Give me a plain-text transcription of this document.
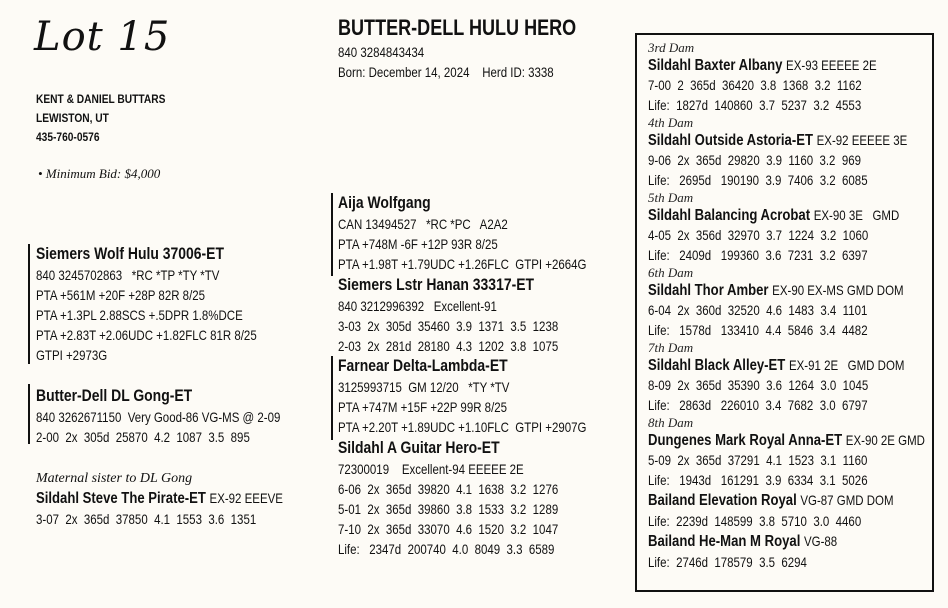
Lot 15
KENT & DANIEL BUTTARS
LEWISTON, UT
435-760-0576
• Minimum Bid: $4,000
BUTTER-DELL HULU HERO
840 3284843434
Born: December 14, 2024    Herd ID: 3338
Siemers Wolf Hulu 37006-ET
840 3245702863   *RC *TP *TY *TV
PTA +561M +20F +28P 82R 8/25
PTA +1.3PL 2.88SCS +.5DPR 1.8%DCE
PTA +2.83T +2.06UDC +1.82FLC 81R 8/25
GTPI +2973G
Butter-Dell DL Gong-ET
840 3262671150  Very Good-86 VG-MS @ 2-09
2-00  2x  305d  25870  4.2  1087  3.5  895
Maternal sister to DL Gong
Sildahl Steve The Pirate-ET EX-92 EEEVE
3-07  2x  365d  37850  4.1  1553  3.6  1351
Aija Wolfgang
CAN 13494527   *RC *PC   A2A2
PTA +748M -6F +12P 93R 8/25
PTA +1.98T +1.79UDC +1.26FLC  GTPI +2664G
Siemers Lstr Hanan 33317-ET
840 3212996392   Excellent-91
3-03  2x  305d  35460  3.9  1371  3.5  1238
2-03  2x  281d  28180  4.3  1202  3.8  1075
Farnear Delta-Lambda-ET
3125993715  GM 12/20   *TY *TV
PTA +747M +15F +22P 99R 8/25
PTA +2.20T +1.89UDC +1.10FLC  GTPI +2907G
Sildahl A Guitar Hero-ET
72300019    Excellent-94 EEEEE 2E
6-06  2x  365d  39820  4.1  1638  3.2  1276
5-01  2x  365d  39860  3.8  1533  3.2  1289
7-10  2x  365d  33070  4.6  1520  3.2  1047
Life:   2347d  200740  4.0  8049  3.3  6589
3rd Dam
Sildahl Baxter Albany EX-93 EEEEE 2E
7-00  2  365d  36420  3.8  1368  3.2  1162
Life:  1827d  140860  3.7  5237  3.2  4553
4th Dam
Sildahl Outside Astoria-ET EX-92 EEEEE 3E
9-06  2x  365d  29820  3.9  1160  3.2  969
Life:   2695d   190190  3.9  7406  3.2  6085
5th Dam
Sildahl Balancing Acrobat EX-90 3E   GMD
4-05  2x  356d  32970  3.7  1224  3.2  1060
Life:   2409d   199360  3.6  7231  3.2  6397
6th Dam
Sildahl Thor Amber EX-90 EX-MS GMD DOM
6-04  2x  360d  32520  4.6  1483  3.4  1101
Life:   1578d   133410  4.4  5846  3.4  4482
7th Dam
Sildahl Black Alley-ET EX-91 2E   GMD DOM
8-09  2x  365d  35390  3.6  1264  3.0  1045
Life:   2863d   226010  3.4  7682  3.0  6797
8th Dam
Dungenes Mark Royal Anna-ET EX-90 2E GMD
5-09  2x  365d  37291  4.1  1523  3.1  1160
Life:   1943d   161291  3.9  6334  3.1  5026
Bailand Elevation Royal VG-87 GMD DOM
Life:  2239d  148599  3.8  5710  3.0  4460
Bailand He-Man M Royal VG-88
Life:  2746d  178579  3.5  6294
